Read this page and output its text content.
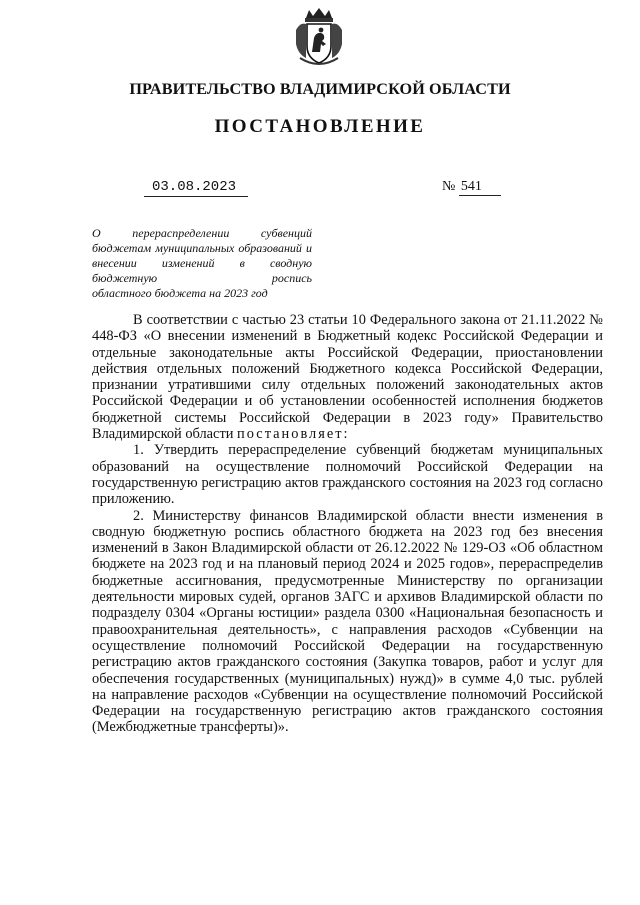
ПРАВИТЕЛЬСТВО ВЛАДИМИРСКОЙ ОБЛАСТИ
ПОСТАНОВЛЕНИЕ
03.08.2023	№ 541
О перераспределении субвенций бюджетам муниципальных образований и внесении изменений в сводную бюджетную роспись
областного бюджета на 2023 год

В соответствии с частью 23 статьи 10 Федерального закона от 21.11.2022 № 448-ФЗ «О внесении изменений в Бюджетный кодекс Российской Федерации и отдельные законодательные акты Российской Федерации, приостановлении действия отдельных положений Бюджетного кодекса Российской Федерации, признании утратившими силу отдельных положений законодательных актов Российской Федерации и об установлении особенностей исполнения бюджетов бюджетной системы Российской Федерации в 2023 году» Правительство Владимирской области постановляет:

1. Утвердить перераспределение субвенций бюджетам муниципальных образований на осуществление полномочий Российской Федерации на государственную регистрацию актов гражданского состояния на 2023 год согласно приложению.

2. Министерству финансов Владимирской области внести изменения в сводную бюджетную роспись областного бюджета на 2023 год без внесения изменений в Закон Владимирской области от 26.12.2022 № 129-ОЗ «Об областном бюджете на 2023 год и на плановый период 2024 и 2025 годов», перераспределив бюджетные ассигнования, предусмотренные Министерству по организации деятельности мировых судей, органов ЗАГС и архивов Владимирской области по подразделу 0304 «Органы юстиции» раздела 0300 «Национальная безопасность и правоохранительная деятельность», с направления расходов «Субвенции на осуществление полномочий Российской Федерации на государственную регистрацию актов гражданского состояния (Закупка товаров, работ и услуг для обеспечения государственных (муниципальных) нужд)» в сумме 4,0 тыс. рублей на направление расходов «Субвенции на осуществление полномочий Российской Федерации на государственную регистрацию актов гражданского состояния (Межбюджетные трансферты)».
